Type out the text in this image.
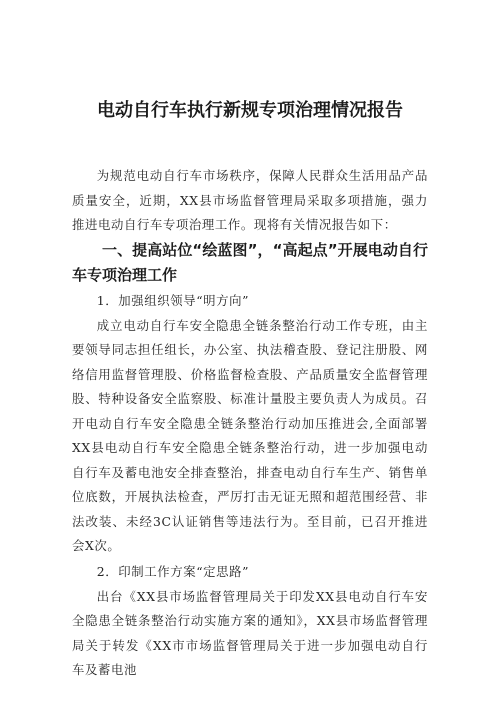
电动自行车执行新规专项治理情况报告

为规范电动自行车市场秩序，保障人民群众生活用品产品质量安全，近期，XX县市场监督管理局采取多项措施，强力推进电动自行车专项治理工作。现将有关情况报告如下：

一、提高站位“绘蓝图”，“高起点”开展电动自行车专项治理工作

1．加强组织领导“明方向”

成立电动自行车安全隐患全链条整治行动工作专班，由主要领导同志担任组长，办公室、执法稽查股、登记注册股、网络信用监督管理股、价格监督检查股、产品质量安全监督管理股、特种设备安全监察股、标准计量股主要负责人为成员。召开电动自行车安全隐患全链条整治行动加压推进会,全面部署XX县电动自行车安全隐患全链条整治行动，进一步加强电动自行车及蓄电池安全排查整治，排查电动自行车生产、销售单位底数，开展执法检查，严厉打击无证无照和超范围经营、非法改装、未经3C认证销售等违法行为。至目前，已召开推进会X次。

2．印制工作方案“定思路”

出台《XX县市场监督管理局关于印发XX县电动自行车安全隐患全链条整治行动实施方案的通知》，XX县市场监督管理局关于转发《XX市市场监督管理局关于进一步加强电动自行车及蓄电池
